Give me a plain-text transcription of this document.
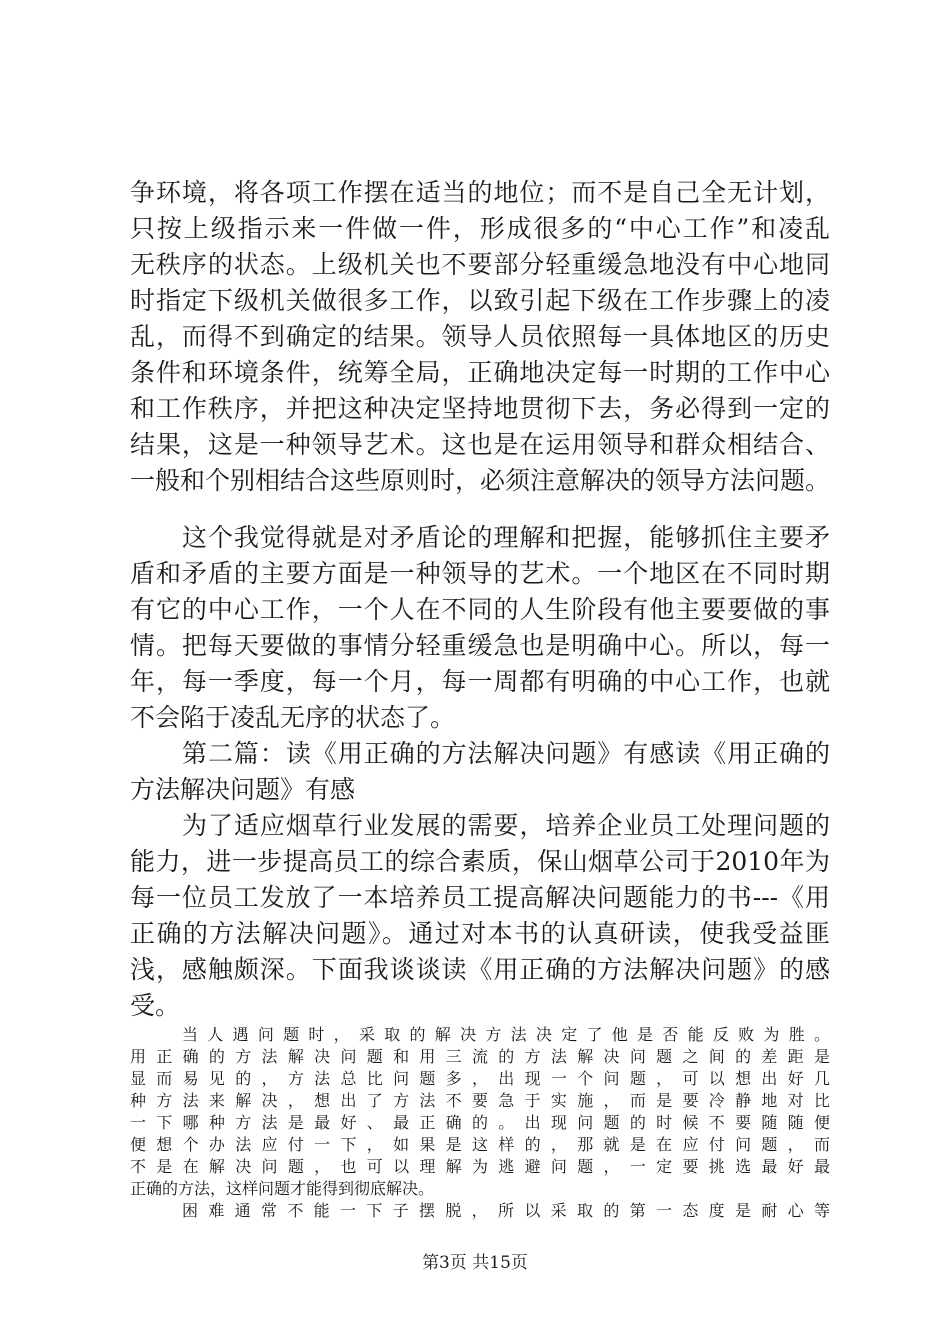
争环境，将各项工作摆在适当的地位；而不是自己全无计划，
只按上级指示来一件做一件，形成很多的“中心工作”和凌乱
无秩序的状态。上级机关也不要部分轻重缓急地没有中心地同
时指定下级机关做很多工作，以致引起下级在工作步骤上的凌
乱，而得不到确定的结果。领导人员依照每一具体地区的历史
条件和环境条件，统筹全局，正确地决定每一时期的工作中心
和工作秩序，并把这种决定坚持地贯彻下去，务必得到一定的
结果，这是一种领导艺术。这也是在运用领导和群众相结合、
一般和个别相结合这些原则时，必须注意解决的领导方法问题。
这个我觉得就是对矛盾论的理解和把握，能够抓住主要矛
盾和矛盾的主要方面是一种领导的艺术。一个地区在不同时期
有它的中心工作，一个人在不同的人生阶段有他主要要做的事
情。把每天要做的事情分轻重缓急也是明确中心。所以，每一
年，每一季度，每一个月，每一周都有明确的中心工作，也就
不会陷于凌乱无序的状态了。
第二篇：读《用正确的方法解决问题》有感读《用正确的
方法解决问题》有感
为了适应烟草行业发展的需要，培养企业员工处理问题的
能力，进一步提高员工的综合素质，保山烟草公司于2010年为
每一位员工发放了一本培养员工提高解决问题能力的书---《用
正确的方法解决问题》。通过对本书的认真研读，使我受益匪
浅，感触颇深。下面我谈谈读《用正确的方法解决问题》的感
受。
当人遇问题时，采取的解决方法决定了他是否能反败为胜。
用正确的方法解决问题和用三流的方法解决问题之间的差距是
显而易见的，方法总比问题多，出现一个问题，可以想出好几
种方法来解决，想出了方法不要急于实施，而是要冷静地对比
一下哪种方法是最好、最正确的。出现问题的时候不要随随便
便想个办法应付一下，如果是这样的，那就是在应付问题，而
不是在解决问题，也可以理解为逃避问题，一定要挑选最好最
正确的方法，这样问题才能得到彻底解决。
困难通常不能一下子摆脱，所以采取的第一态度是耐心等
第3页 共15页
